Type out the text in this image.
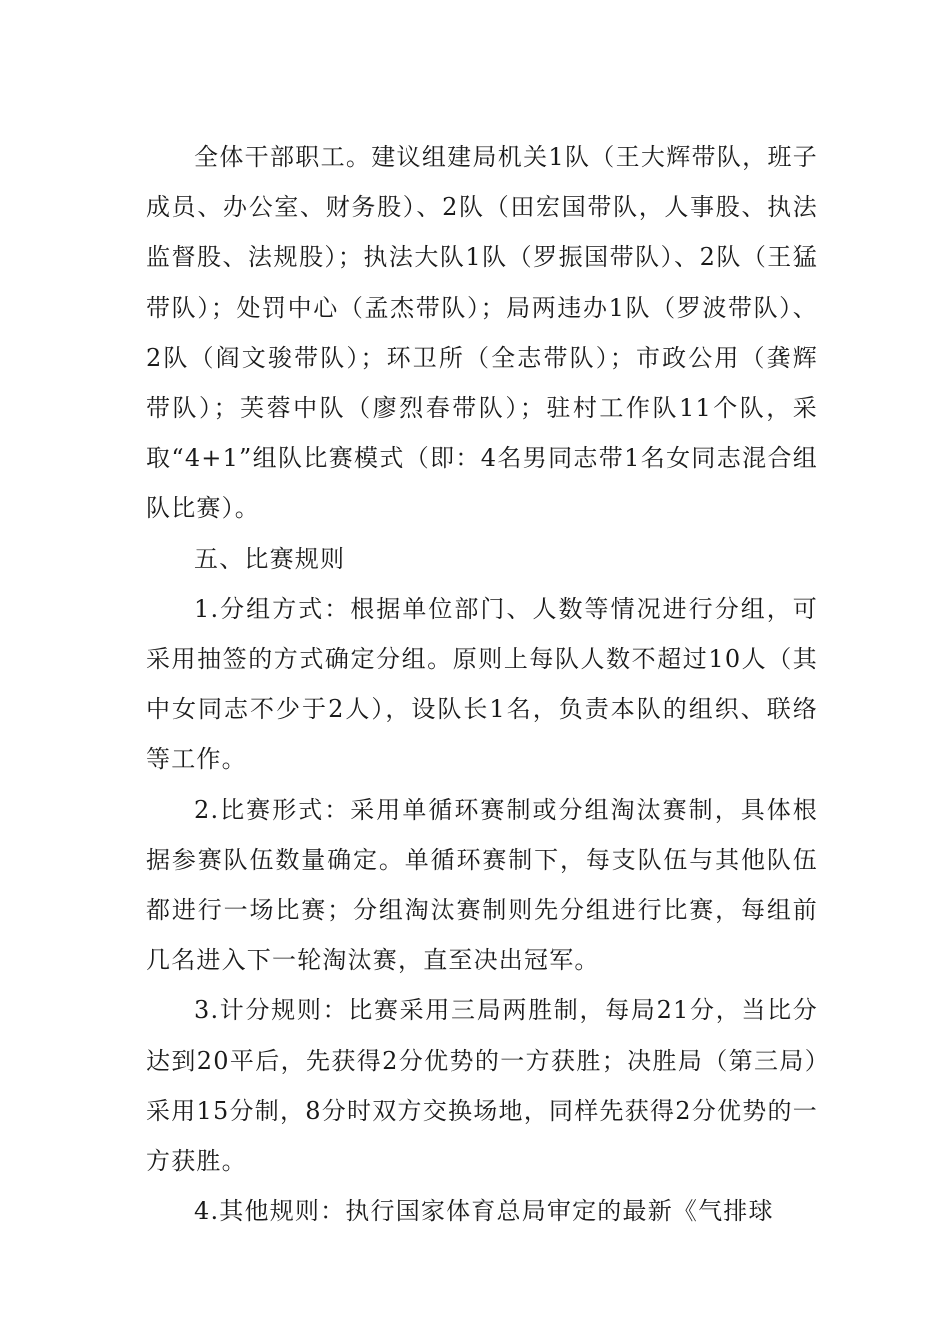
全体干部职工。建议组建局机关1队（王大辉带队，班子成员、办公室、财务股）、2队（田宏国带队，人事股、执法监督股、法规股）；执法大队1队（罗振国带队）、2队（王猛带队）；处罚中心（孟杰带队）；局两违办1队（罗波带队）、2队（阎文骏带队）；环卫所（全志带队）；市政公用（龚辉带队）；芙蓉中队（廖烈春带队）；驻村工作队11个队，采取“4+1”组队比赛模式（即：4名男同志带1名女同志混合组队比赛）。

五、比赛规则

1.分组方式：根据单位部门、人数等情况进行分组，可采用抽签的方式确定分组。原则上每队人数不超过10人（其中女同志不少于2人），设队长1名，负责本队的组织、联络等工作。

2.比赛形式：采用单循环赛制或分组淘汰赛制，具体根据参赛队伍数量确定。单循环赛制下，每支队伍与其他队伍都进行一场比赛；分组淘汰赛制则先分组进行比赛，每组前几名进入下一轮淘汰赛，直至决出冠军。

3.计分规则：比赛采用三局两胜制，每局21分，当比分达到20平后，先获得2分优势的一方获胜；决胜局（第三局）采用15分制，8分时双方交换场地，同样先获得2分优势的一方获胜。

4.其他规则：执行国家体育总局审定的最新《气排球
